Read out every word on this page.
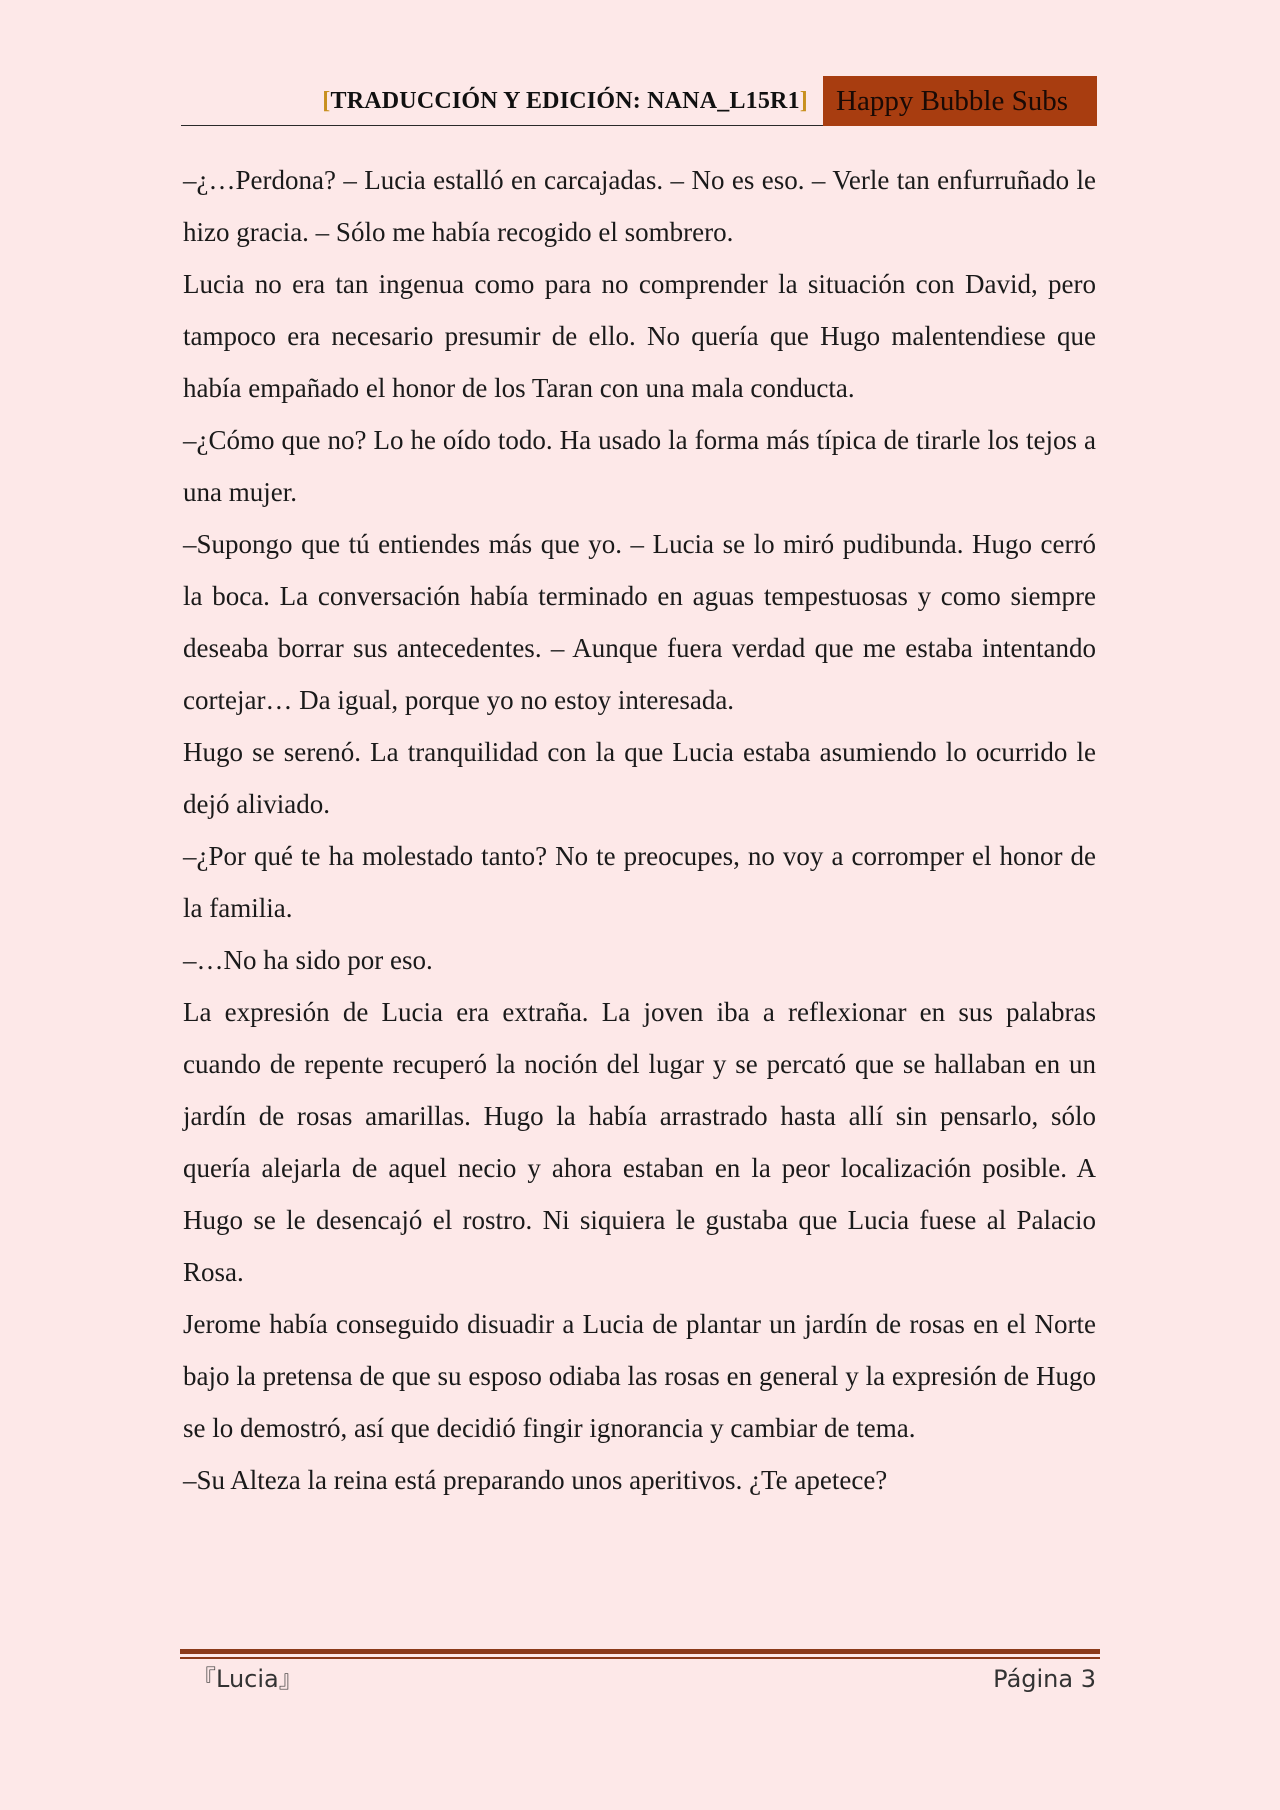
[TRADUCCIÓN Y EDICIÓN: NANA_L15R1] Happy Bubble Subs

–¿…Perdona? – Lucia estalló en carcajadas. – No es eso. – Verle tan enfurruñado le hizo gracia. – Sólo me había recogido el sombrero.

Lucia no era tan ingenua como para no comprender la situación con David, pero tampoco era necesario presumir de ello. No quería que Hugo malentendiese que había empañado el honor de los Taran con una mala conducta.

–¿Cómo que no? Lo he oído todo. Ha usado la forma más típica de tirarle los tejos a una mujer.

–Supongo que tú entiendes más que yo. – Lucia se lo miró pudibunda. Hugo cerró la boca. La conversación había terminado en aguas tempestuosas y como siempre deseaba borrar sus antecedentes. – Aunque fuera verdad que me estaba intentando cortejar… Da igual, porque yo no estoy interesada.

Hugo se serenó. La tranquilidad con la que Lucia estaba asumiendo lo ocurrido le dejó aliviado.

–¿Por qué te ha molestado tanto? No te preocupes, no voy a corromper el honor de la familia.

–…No ha sido por eso.

La expresión de Lucia era extraña. La joven iba a reflexionar en sus palabras cuando de repente recuperó la noción del lugar y se percató que se hallaban en un jardín de rosas amarillas. Hugo la había arrastrado hasta allí sin pensarlo, sólo quería alejarla de aquel necio y ahora estaban en la peor localización posible. A Hugo se le desencajó el rostro. Ni siquiera le gustaba que Lucia fuese al Palacio Rosa.

Jerome había conseguido disuadir a Lucia de plantar un jardín de rosas en el Norte bajo la pretensa de que su esposo odiaba las rosas en general y la expresión de Hugo se lo demostró, así que decidió fingir ignorancia y cambiar de tema.

–Su Alteza la reina está preparando unos aperitivos. ¿Te apetece?

『Lucia』	Página 3
